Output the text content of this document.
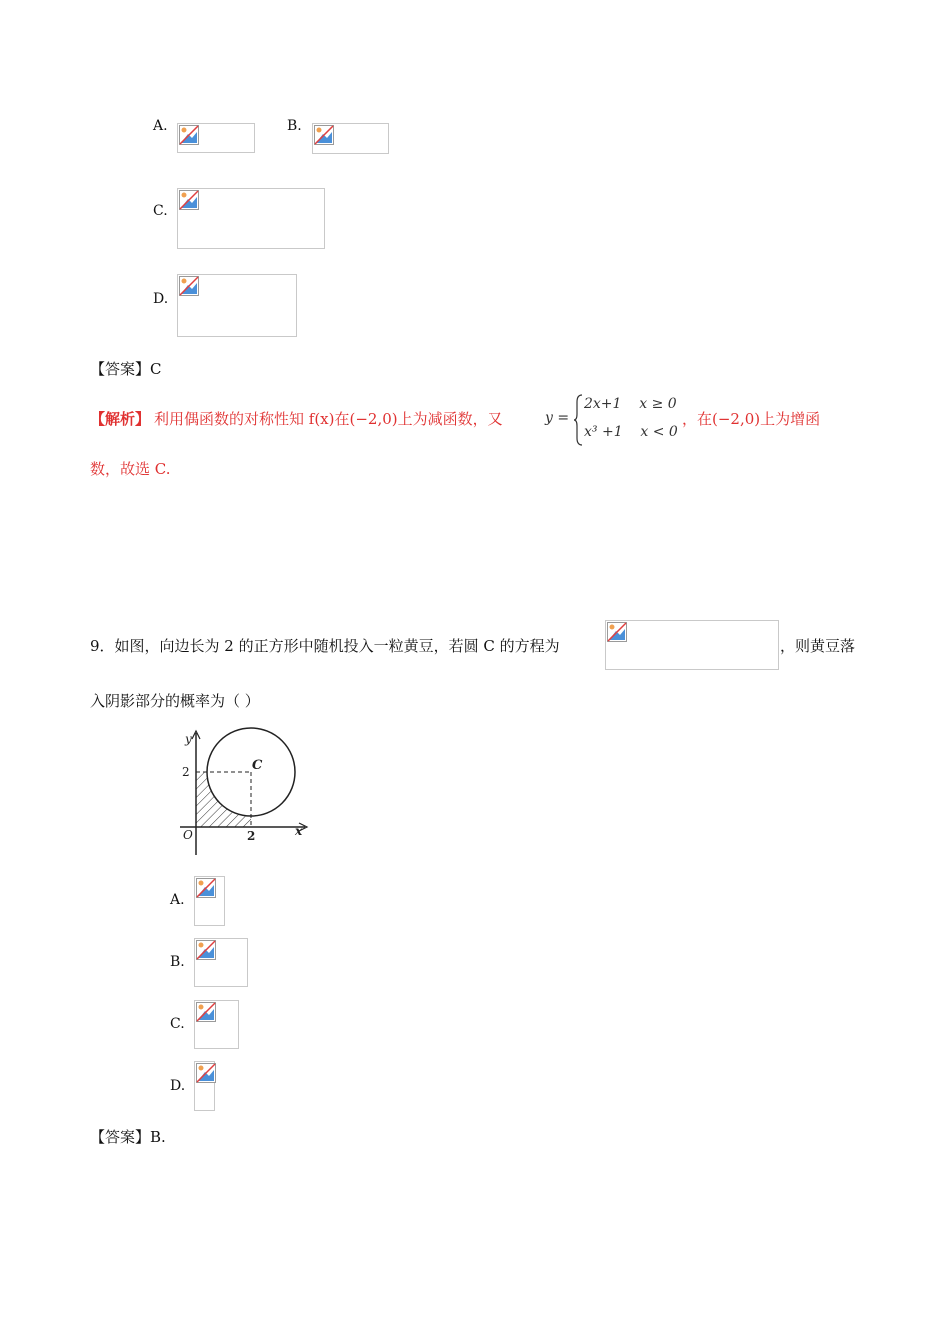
A.	B.
C.
D.
【答案】C
【解析】 利用偶函数的对称性知 f(x)在(−2,0)上为减函数，又	y =
2x+1    x ≥ 0
x³ +1    x < 0
，在(−2,0)上为增函
数，故选 C.
9．如图，向边长为 2 的正方形中随机投入一粒黄豆，若圆 C 的方程为	，则黄豆落
入阴影部分的概率为（ ）
y
x
O
2
2
C
A.
B.
C.
D.
【答案】B.
